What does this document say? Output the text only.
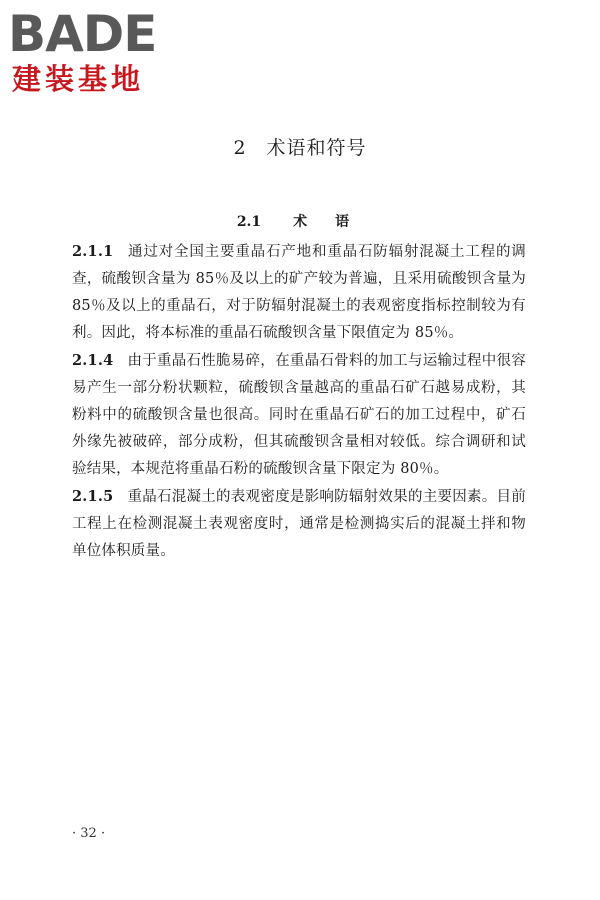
BADE
建装基地
2 术语和符号
2.1 术 语

2.1.1 通过对全国主要重晶石产地和重晶石防辐射混凝土工程的调查，硫酸钡含量为 85％及以上的矿产较为普遍，且采用硫酸钡含量为 85％及以上的重晶石，对于防辐射混凝土的表观密度指标控制较为有利。因此，将本标准的重晶石硫酸钡含量下限值定为 85％。

2.1.4 由于重晶石性脆易碎，在重晶石骨料的加工与运输过程中很容易产生一部分粉状颗粒，硫酸钡含量越高的重晶石矿石越易成粉，其粉料中的硫酸钡含量也很高。同时在重晶石矿石的加工过程中，矿石外缘先被破碎，部分成粉，但其硫酸钡含量相对较低。综合调研和试验结果，本规范将重晶石粉的硫酸钡含量下限定为 80％。

2.1.5 重晶石混凝土的表观密度是影响防辐射效果的主要因素。目前工程上在检测混凝土表观密度时，通常是检测捣实后的混凝土拌和物单位体积质量。

· 32 ·
